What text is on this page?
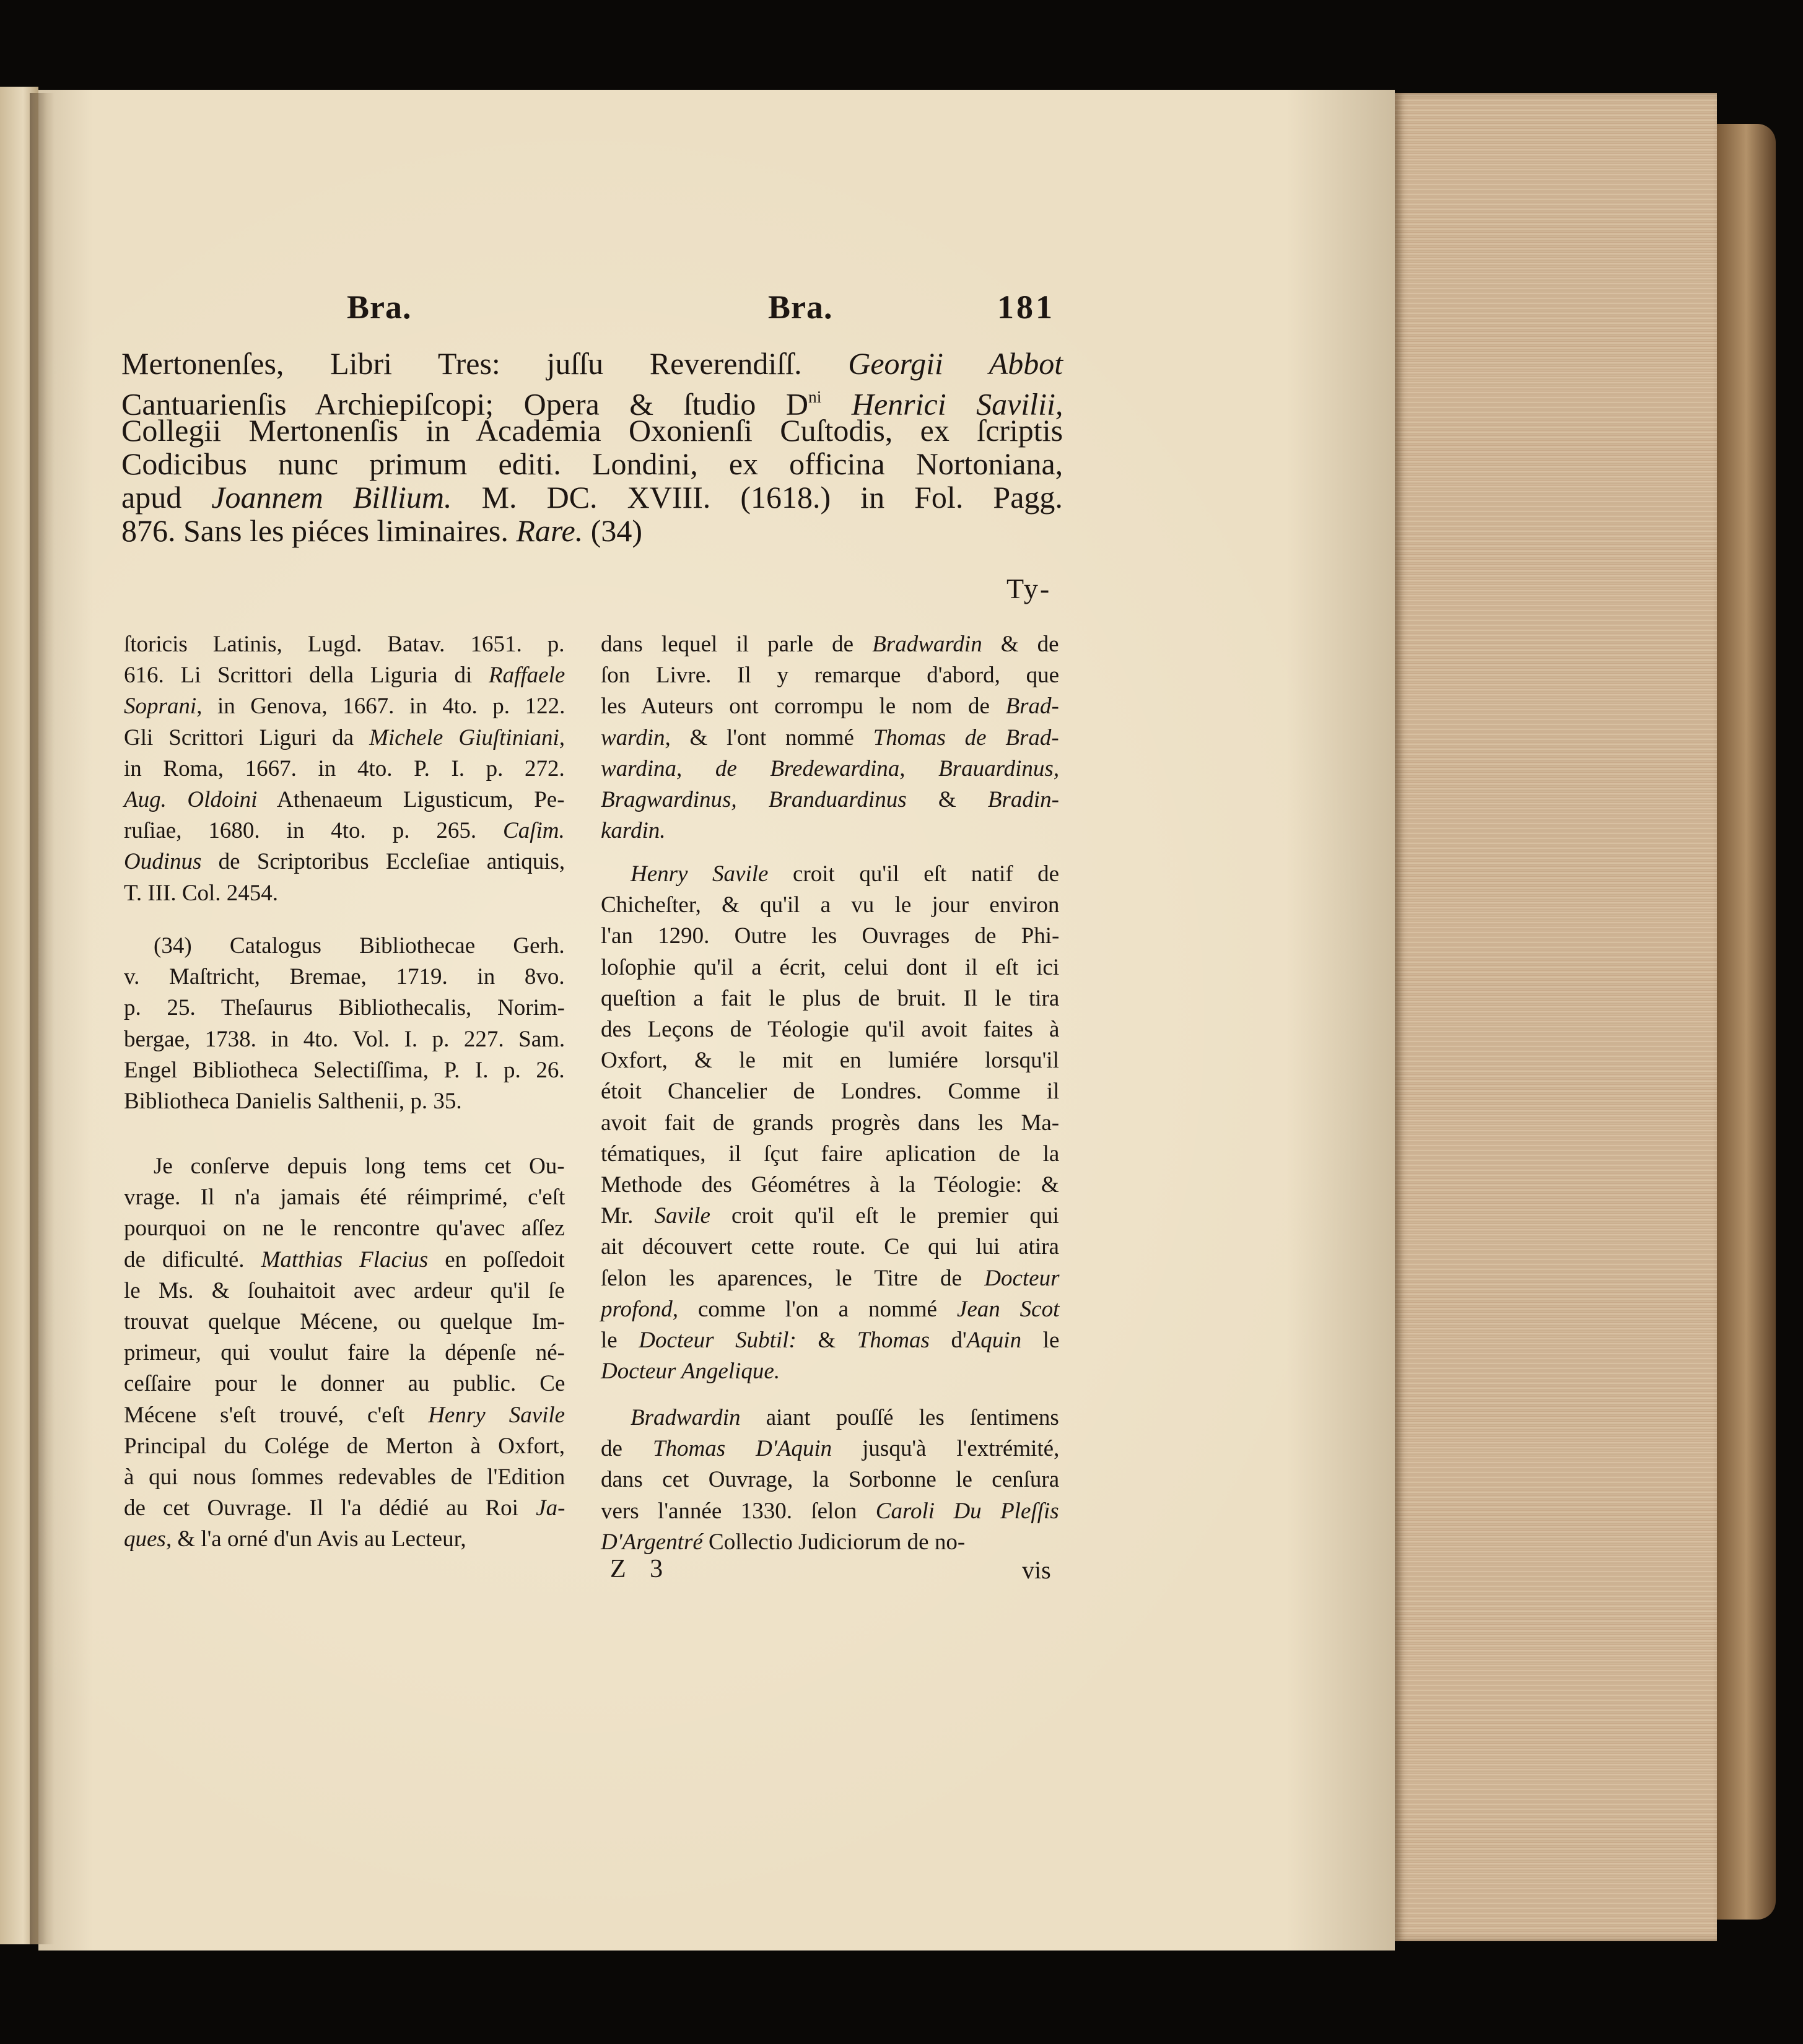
Bra.	Bra.	181
Mertonenſes, Libri Tres: juſſu Reverendiſſ. Georgii Abbot
Cantuarienſis Archiepiſcopi; Opera & ſtudio $D^{ni}$ Henrici Savilii,
Collegii Mertonenſis in Academia Oxonienſi Cuſtodis, ex ſcriptis
Codicibus nunc primum editi. Londini, ex officina Nortoniana,
apud Joannem Billium. M. DC. XVIII. (1618.) in Fol. Pagg.
876. Sans les piéces liminaires. Rare. (34)
Ty-
ſtoricis Latinis, Lugd. Batav. 1651. p.
616. Li Scrittori della Liguria di Raffaele
Soprani, in Genova, 1667. in 4to. p. 122.
Gli Scrittori Liguri da Michele Giuſtiniani,
in Roma, 1667. in 4to. P. I. p. 272.
Aug. Oldoini Athenaeum Ligusticum, Pe-
ruſiae, 1680. in 4to. p. 265. Caſim.
Oudinus de Scriptoribus Eccleſiae antiquis,
T. III. Col. 2454.
(34) Catalogus Bibliothecae Gerh.
v. Maſtricht, Bremae, 1719. in 8vo.
p. 25. Theſaurus Bibliothecalis, Norim-
bergae, 1738. in 4to. Vol. I. p. 227. Sam.
Engel Bibliotheca Selectiſſima, P. I. p. 26.
Bibliotheca Danielis Salthenii, p. 35.
Je conſerve depuis long tems cet Ou-
vrage. Il n'a jamais été réimprimé, c'eſt
pourquoi on ne le rencontre qu'avec aſſez
de dificulté. Matthias Flacius en poſſedoit
le Ms. & ſouhaitoit avec ardeur qu'il ſe
trouvat quelque Mécene, ou quelque Im-
primeur, qui voulut faire la dépenſe né-
ceſſaire pour le donner au public. Ce
Mécene s'eſt trouvé, c'eſt Henry Savile
Principal du Colége de Merton à Oxfort,
à qui nous ſommes redevables de l'Edition
de cet Ouvrage. Il l'a dédié au Roi Ja-
ques, & l'a orné d'un Avis au Lecteur,
dans lequel il parle de Bradwardin & de
ſon Livre. Il y remarque d'abord, que
les Auteurs ont corrompu le nom de Brad-
wardin, & l'ont nommé Thomas de Brad-
wardina, de Bredewardina, Brauardinus,
Bragwardinus, Branduardinus & Bradin-
kardin.
Henry Savile croit qu'il eſt natif de
Chicheſter, & qu'il a vu le jour environ
l'an 1290. Outre les Ouvrages de Phi-
loſophie qu'il a écrit, celui dont il eſt ici
queſtion a fait le plus de bruit. Il le tira
des Leçons de Téologie qu'il avoit faites à
Oxfort, & le mit en lumiére lorsqu'il
étoit Chancelier de Londres. Comme il
avoit fait de grands progrès dans les Ma-
tématiques, il ſçut faire aplication de la
Methode des Géométres à la Téologie: &
Mr. Savile croit qu'il eſt le premier qui
ait découvert cette route. Ce qui lui atira
ſelon les aparences, le Titre de Docteur
profond, comme l'on a nommé Jean Scot
le Docteur Subtil: & Thomas d'Aquin le
Docteur Angelique.
Bradwardin aiant pouſſé les ſentimens
de Thomas D'Aquin jusqu'à l'extrémité,
dans cet Ouvrage, la Sorbonne le cenſura
vers l'année 1330. ſelon Caroli Du Pleſſis
D'Argentré Collectio Judiciorum de no-
Z 3	vis
